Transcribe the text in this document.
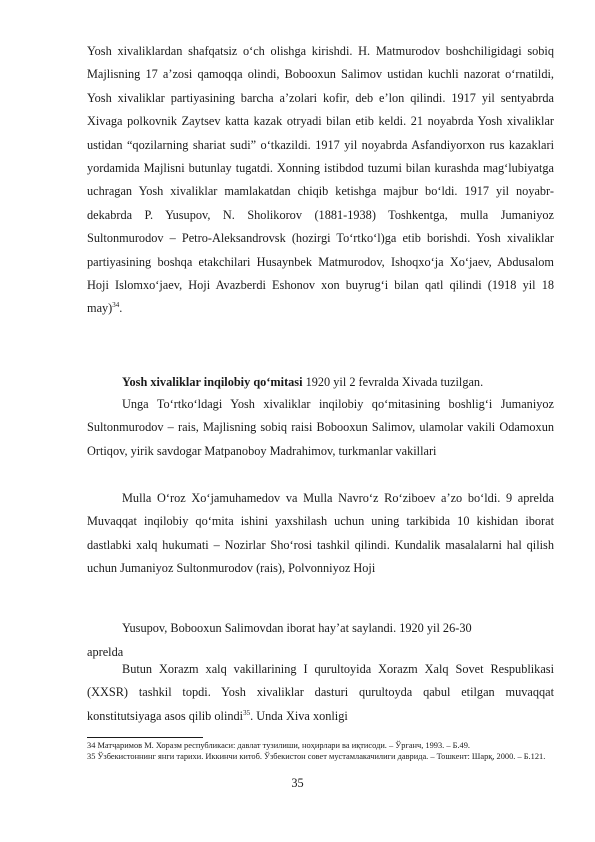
Yosh xivaliklardan shafqatsiz o‘ch olishga kirishdi. H. Matmurodov boshchiligidagi sobiq Majlisning 17 a’zosi qamoqqa olindi, Bobooxun Salimov ustidan kuchli nazorat o‘rnatildi, Yosh xivaliklar partiyasining barcha a’zolari kofir, deb e’lon qilindi. 1917 yil sentyabrda Xivaga polkovnik Zaytsev katta kazak otryadi bilan etib keldi. 21 noyabrda Yosh xivaliklar ustidan “qozilarning shariat sudi” o‘tkazildi. 1917 yil noyabrda Asfandiyorxon rus kazaklari yordamida Majlisni butunlay tugatdi. Xonning istibdod tuzumi bilan kurashda mag‘lubiyatga uchragan Yosh xivaliklar mamlakatdan chiqib ketishga majbur bo‘ldi. 1917 yil noyabr- dekabrda P. Yusupov, N. Sholikorov (1881-1938) Toshkentga, mulla Jumaniyoz Sultonmurodov – Petro-Aleksandrovsk (hozirgi To‘rtko‘l)ga etib borishdi. Yosh xivaliklar partiyasining boshqa etakchilari Husaynbek Matmurodov, Ishoqxo‘ja Xo‘jaev, Abdusalom Hoji Islomxo‘jaev, Hoji Avazberdi Eshonov xon buyrug‘i bilan qatl qilindi (1918 yil 18 may)$^{34}$.

Yosh xivaliklar inqilobiy qo‘mitasi 1920 yil 2 fevralda Xivada tuzilgan.

Unga To‘rtko‘ldagi Yosh xivaliklar inqilobiy qo‘mitasining boshlig‘i Jumaniyoz Sultonmurodov – rais, Majlisning sobiq raisi Bobooxun Salimov, ulamolar vakili Odamoxun Ortiqov, yirik savdogar Matpanoboy Madrahimov, turkmanlar vakillari

Mulla O‘roz Xo‘jamuhamedov va Mulla Navro‘z Ro‘ziboev a’zo bo‘ldi. 9 aprelda Muvaqqat inqilobiy qo‘mita ishini yaxshilash uchun uning tarkibida 10 kishidan iborat dastlabki xalq hukumati – Nozirlar Sho‘rosi tashkil qilindi. Kundalik masalalarni hal qilish uchun Jumaniyoz Sultonmurodov (rais), Polvonniyoz Hoji

Yusupov, Bobooxun Salimovdan iborat hay’at saylandi. 1920 yil 26-30

aprelda

Butun Xorazm xalq vakillarining I qurultoyida Xorazm Xalq Sovet Respublikasi (XXSR) tashkil topdi. Yosh xivaliklar dasturi qurultoyda qabul etilgan muvaqqat konstitutsiyaga asos qilib olindi$^{35}$. Unda Xiva xonligi

34 Матҷаримов М. Хоразм республикаси: давлат тузилиши, ноҳирлари ва иқтисоди. – Ўрганч, 1993. – Б.49.

35 Ўзбекистоннинг янги тарихи. Иккинчи китоб. Ўзбекистон совет мустамлакачилиги даврида. – Тошкент: Шарқ, 2000. – Б.121.

35
